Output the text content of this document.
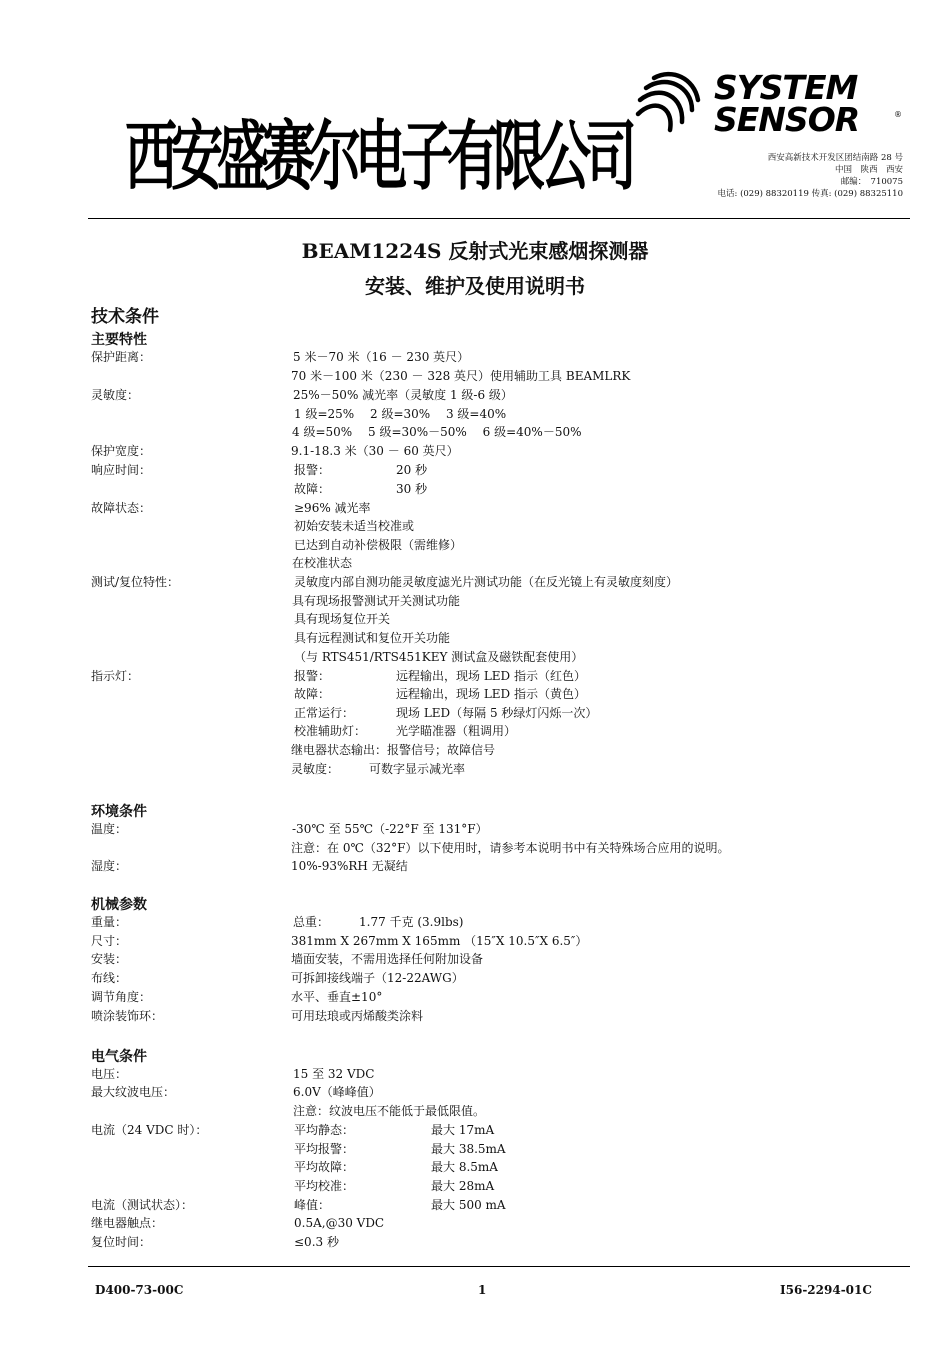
西安盛赛尔电子有限公司
SYSTEM
SENSOR	®
西安高新技术开发区团结南路 28 号
中国　陕西　西安
邮编：　710075
电话: (029) 88320119 传真: (029) 88325110
BEAM1224S 反射式光束感烟探测器
安装、维护及使用说明书
技术条件
主要特性
保护距离：	5 米－70 米（16 － 230 英尺）
70 米－100 米（230 － 328 英尺）使用辅助工具 BEAMLRK
灵敏度：	25%－50% 减光率（灵敏度 1 级-6 级）
1 级=25%　 2 级=30%　 3 级=40%
4 级=50%　 5 级=30%－50%　 6 级=40%－50%
保护宽度：	9.1-18.3 米（30 － 60 英尺）
响应时间：	报警：	20 秒
故障：	30 秒
故障状态：	≥96% 减光率
初始安装未适当校准或
已达到自动补偿极限（需维修）
在校准状态
测试/复位特性：	灵敏度内部自测功能灵敏度滤光片测试功能（在反光镜上有灵敏度刻度）
具有现场报警测试开关测试功能
具有现场复位开关
具有远程测试和复位开关功能
（与 RTS451/RTS451KEY 测试盒及磁铁配套使用）
指示灯：	报警：	远程输出，现场 LED 指示（红色）
故障：	远程输出，现场 LED 指示（黄色）
正常运行：	现场 LED（每隔 5 秒绿灯闪烁一次）
校准辅助灯： 光学瞄准器（粗调用）
继电器状态输出：报警信号；故障信号
灵敏度：　　　可数字显示减光率
环境条件
温度：	-30℃ 至 55℃（-22°F 至 131°F）
注意：在 0℃（32°F）以下使用时，请参考本说明书中有关特殊场合应用的说明。
湿度：	10%-93%RH 无凝结
机械参数
重量：	总重：　　　1.77 千克 (3.9lbs)
尺寸：	381mm X 267mm X 165mm （15″X 10.5″X 6.5″）
安装：	墙面安装，不需用选择任何附加设备
布线：	可拆卸接线端子（12-22AWG）
调节角度：	水平、垂直±10°
喷涂装饰环：	可用珐琅或丙烯酸类涂料
电气条件
电压：	15 至 32 VDC
最大纹波电压：	6.0V（峰峰值）
注意：纹波电压不能低于最低限值。
电流（24 VDC 时）：	平均静态：	最大 17mA
平均报警：	最大 38.5mA
平均故障：	最大 8.5mA
平均校准：	最大 28mA
电流（测试状态）：	峰值：	最大 500 mA
继电器触点：	0.5A,@30 VDC
复位时间：	≤0.3 秒
D400-73-00C	1	I56-2294-01C
